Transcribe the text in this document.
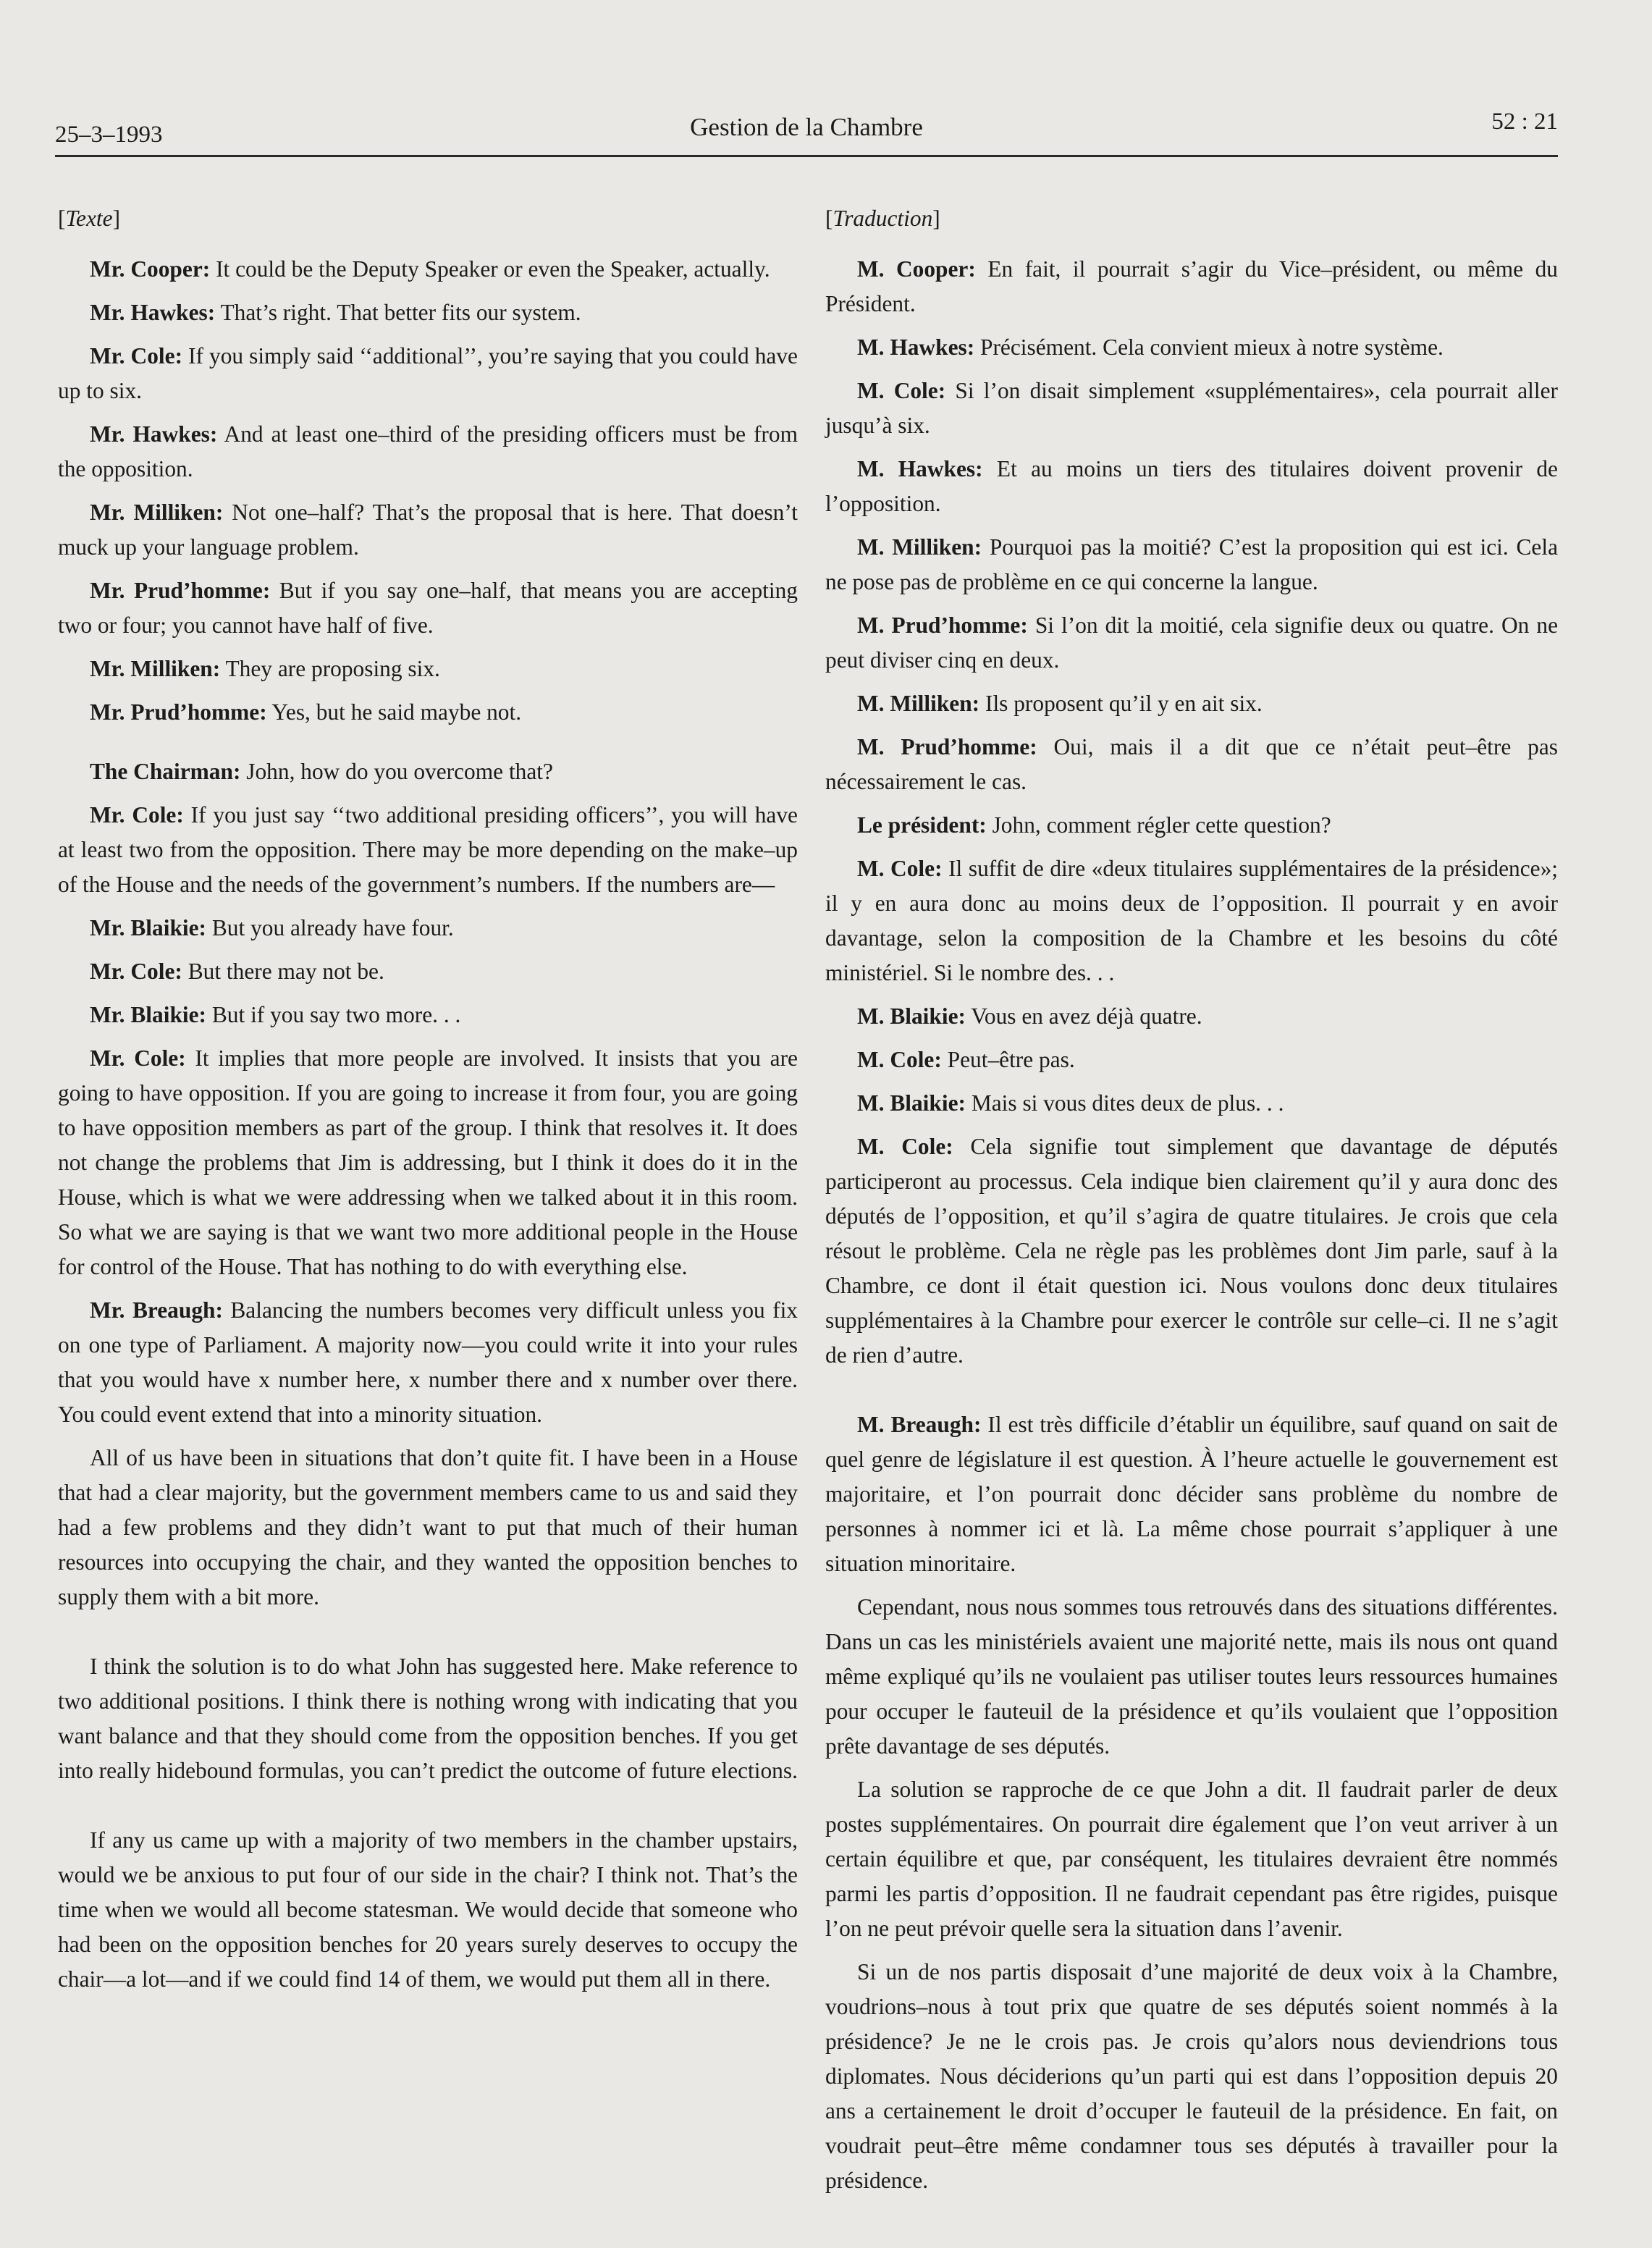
25–3–1993	Gestion de la Chambre	52 : 21
[Texte]

Mr. Cooper: It could be the Deputy Speaker or even the Speaker, actually.

Mr. Hawkes: That’s right. That better fits our system.

Mr. Cole: If you simply said ‘‘additional’’, you’re saying that you could have up to six.

Mr. Hawkes: And at least one–third of the presiding officers must be from the opposition.

Mr. Milliken: Not one–half? That’s the proposal that is here. That doesn’t muck up your language problem.

Mr. Prud’homme: But if you say one–half, that means you are accepting two or four; you cannot have half of five.

Mr. Milliken: They are proposing six.

Mr. Prud’homme: Yes, but he said maybe not.

The Chairman: John, how do you overcome that?

Mr. Cole: If you just say ‘‘two additional presiding officers’’, you will have at least two from the opposition. There may be more depending on the make–up of the House and the needs of the government’s numbers. If the numbers are—

Mr. Blaikie: But you already have four.

Mr. Cole: But there may not be.

Mr. Blaikie: But if you say two more. . .

Mr. Cole: It implies that more people are involved. It insists that you are going to have opposition. If you are going to increase it from four, you are going to have opposition members as part of the group. I think that resolves it. It does not change the problems that Jim is addressing, but I think it does do it in the House, which is what we were addressing when we talked about it in this room. So what we are saying is that we want two more additional people in the House for control of the House. That has nothing to do with everything else.

Mr. Breaugh: Balancing the numbers becomes very difficult unless you fix on one type of Parliament. A majority now—you could write it into your rules that you would have x number here, x number there and x number over there. You could event extend that into a minority situation.

All of us have been in situations that don’t quite fit. I have been in a House that had a clear majority, but the government members came to us and said they had a few problems and they didn’t want to put that much of their human resources into occupying the chair, and they wanted the opposition benches to supply them with a bit more.

I think the solution is to do what John has suggested here. Make reference to two additional positions. I think there is nothing wrong with indicating that you want balance and that they should come from the opposition benches. If you get into really hidebound formulas, you can’t predict the outcome of future elections.

If any us came up with a majority of two members in the chamber upstairs, would we be anxious to put four of our side in the chair? I think not. That’s the time when we would all become statesman. We would decide that someone who had been on the opposition benches for 20 years surely deserves to occupy the chair—a lot—and if we could find 14 of them, we would put them all in there.

[Traduction]

M. Cooper: En fait, il pourrait s’agir du Vice–président, ou même du Président.

M. Hawkes: Précisément. Cela convient mieux à notre système.

M. Cole: Si l’on disait simplement «supplémentaires», cela pourrait aller jusqu’à six.

M. Hawkes: Et au moins un tiers des titulaires doivent provenir de l’opposition.

M. Milliken: Pourquoi pas la moitié? C’est la proposition qui est ici. Cela ne pose pas de problème en ce qui concerne la langue.

M. Prud’homme: Si l’on dit la moitié, cela signifie deux ou quatre. On ne peut diviser cinq en deux.

M. Milliken: Ils proposent qu’il y en ait six.

M. Prud’homme: Oui, mais il a dit que ce n’était peut–être pas nécessairement le cas.

Le président: John, comment régler cette question?

M. Cole: Il suffit de dire «deux titulaires supplémentaires de la présidence»; il y en aura donc au moins deux de l’opposition. Il pourrait y en avoir davantage, selon la composition de la Chambre et les besoins du côté ministériel. Si le nombre des. . .

M. Blaikie: Vous en avez déjà quatre.

M. Cole: Peut–être pas.

M. Blaikie: Mais si vous dites deux de plus. . .

M. Cole: Cela signifie tout simplement que davantage de députés participeront au processus. Cela indique bien clairement qu’il y aura donc des députés de l’opposition, et qu’il s’agira de quatre titulaires. Je crois que cela résout le problème. Cela ne règle pas les problèmes dont Jim parle, sauf à la Chambre, ce dont il était question ici. Nous voulons donc deux titulaires supplémentaires à la Chambre pour exercer le contrôle sur celle–ci. Il ne s’agit de rien d’autre.

M. Breaugh: Il est très difficile d’établir un équilibre, sauf quand on sait de quel genre de législature il est question. À l’heure actuelle le gouvernement est majoritaire, et l’on pourrait donc décider sans problème du nombre de personnes à nommer ici et là. La même chose pourrait s’appliquer à une situation minoritaire.

Cependant, nous nous sommes tous retrouvés dans des situations différentes. Dans un cas les ministériels avaient une majorité nette, mais ils nous ont quand même expliqué qu’ils ne voulaient pas utiliser toutes leurs ressources humaines pour occuper le fauteuil de la présidence et qu’ils voulaient que l’opposition prête davantage de ses députés.

La solution se rapproche de ce que John a dit. Il faudrait parler de deux postes supplémentaires. On pourrait dire également que l’on veut arriver à un certain équilibre et que, par conséquent, les titulaires devraient être nommés parmi les partis d’opposition. Il ne faudrait cependant pas être rigides, puisque l’on ne peut prévoir quelle sera la situation dans l’avenir.

Si un de nos partis disposait d’une majorité de deux voix à la Chambre, voudrions–nous à tout prix que quatre de ses députés soient nommés à la présidence? Je ne le crois pas. Je crois qu’alors nous deviendrions tous diplomates. Nous déciderions qu’un parti qui est dans l’opposition depuis 20 ans a certainement le droit d’occuper le fauteuil de la présidence. En fait, on voudrait peut–être même condamner tous ses députés à travailler pour la présidence.
